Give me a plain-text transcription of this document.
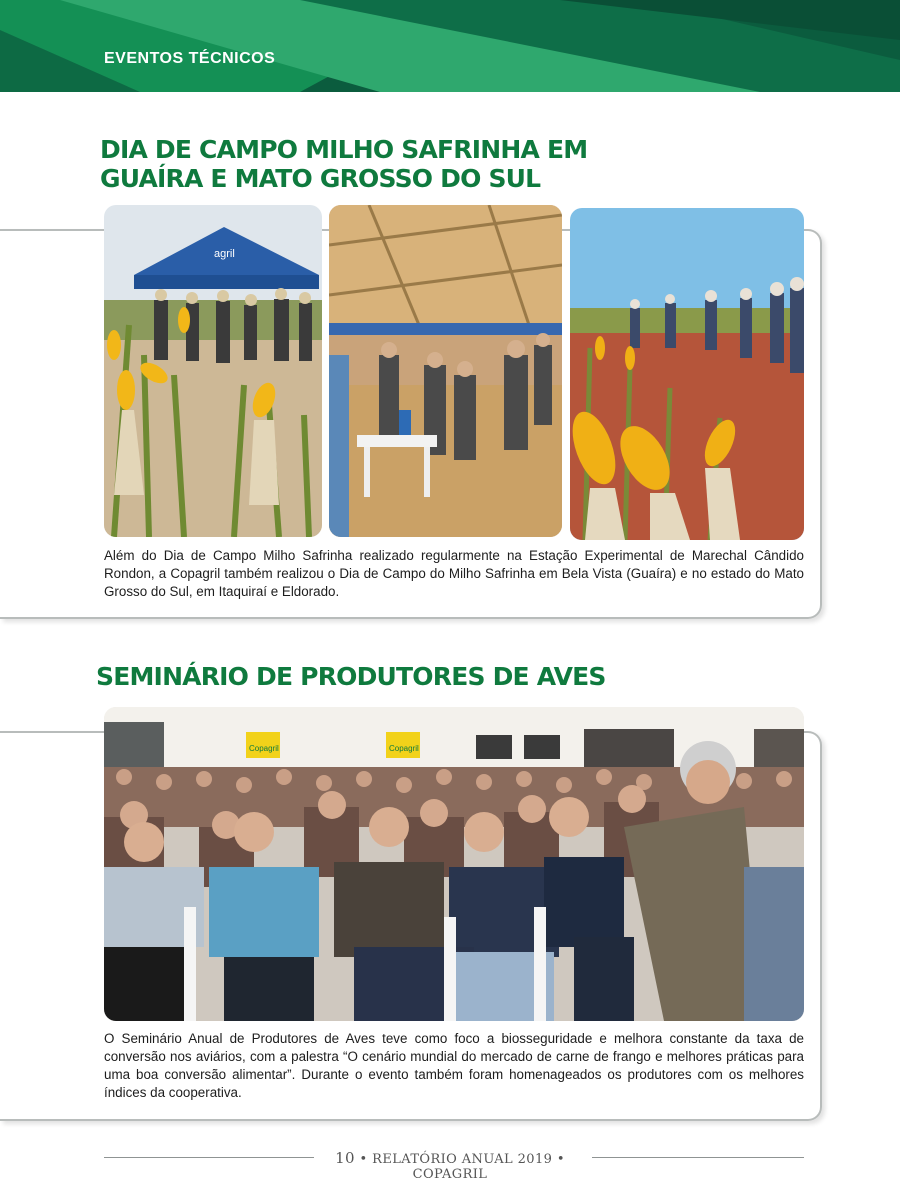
EVENTOS TÉCNICOS
DIA DE CAMPO MILHO SAFRINHA EM GUAÍRA E MATO GROSSO DO SUL
agril

Além do Dia de Campo Milho Safrinha realizado regularmente na Estação Experimental de Marechal Cândido Rondon, a Copagril também realizou o Dia de Campo do Milho Safrinha em Bela Vista (Guaíra) e no estado do Mato Grosso do Sul, em Itaquiraí e Eldorado.

SEMINÁRIO DE PRODUTORES DE AVES
Copagril	Copagril

O Seminário Anual de Produtores de Aves teve como foco a biosseguridade e melhora constante da taxa de conversão nos aviários, com a palestra “O cenário mundial do mercado de carne de frango e melhores práticas para uma boa conversão alimentar”. Durante o evento também foram homenageados os produtores com os melhores índices da cooperativa.

10 • RELATÓRIO ANUAL 2019 • COPAGRIL
